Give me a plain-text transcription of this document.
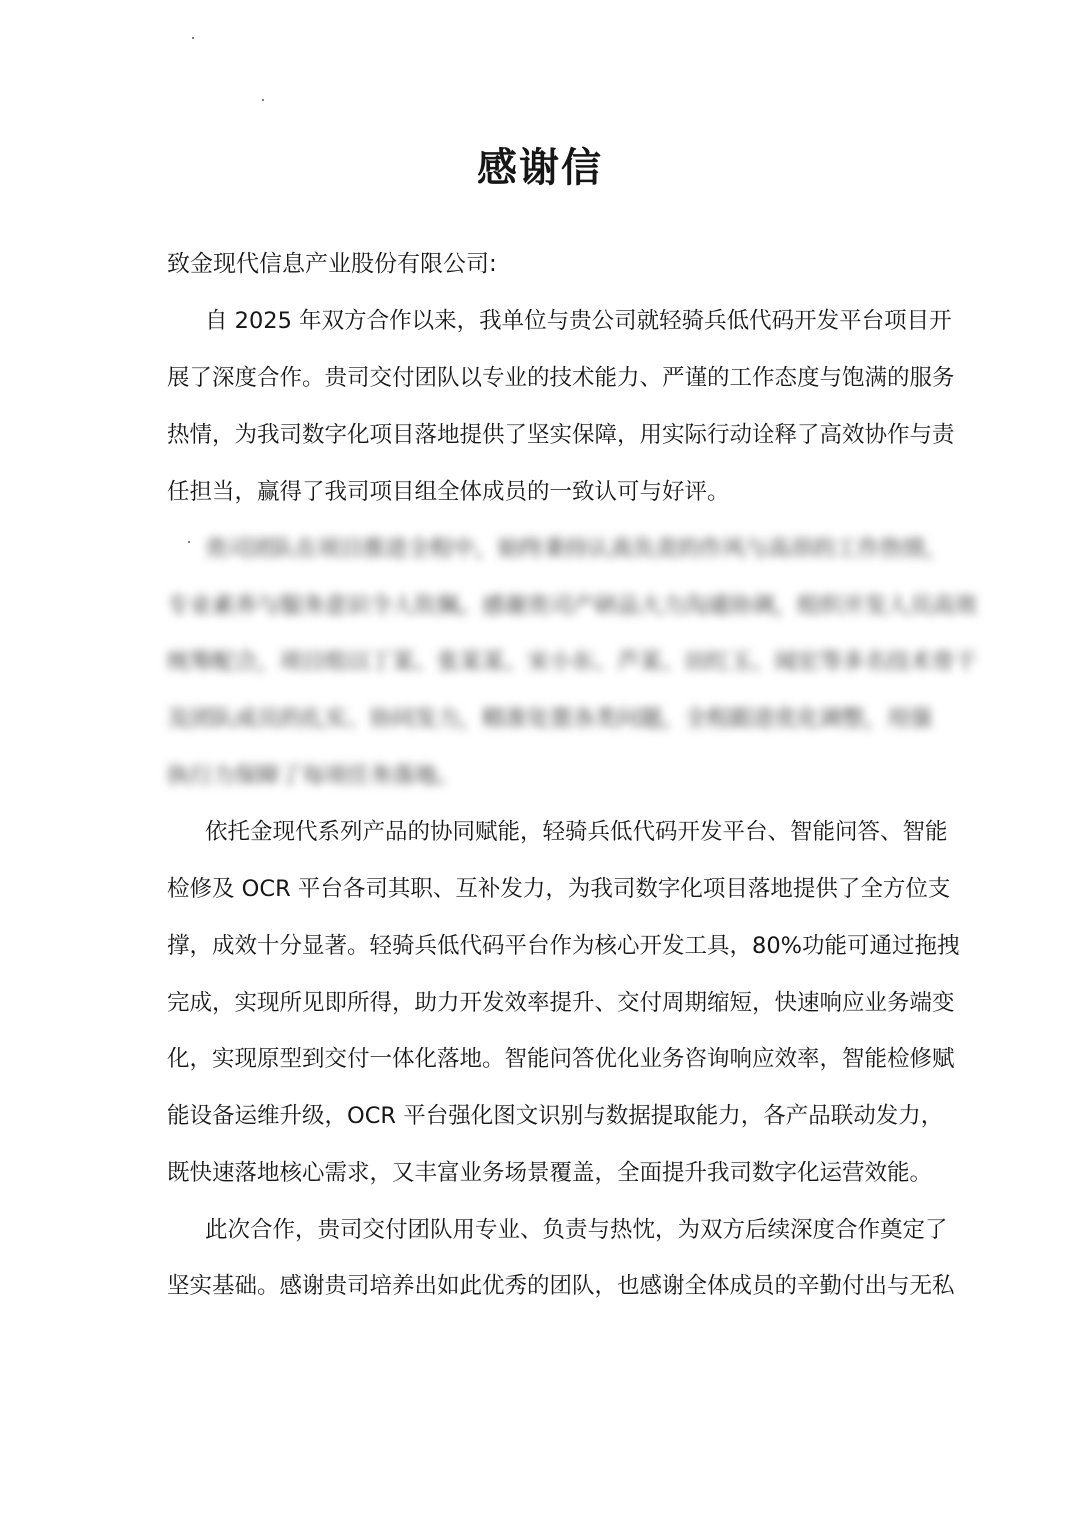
感谢信
致金现代信息产业股份有限公司:
自 2025 年双方合作以来，我单位与贵公司就轻骑兵低代码开发平台项目开
展了深度合作。贵司交付团队以专业的技术能力、严谨的工作态度与饱满的服务
热情，为我司数字化项目落地提供了坚实保障，用实际行动诠释了高效协作与责
任担当，赢得了我司项目组全体成员的一致认可与好评。
贵司团队在项目推进全程中，始终秉持认真负责的作风与高昂的工作热情，
专业素养与服务意识令人钦佩。感谢贵司产研品大力沟通协调，组织开发人员高效
统筹配合，项目组以丁某、张某某、宋小东、芦某、田红玉、闻宏等多名技术骨干
及团队成员的扎实、协同发力，精准处置各类问题，全程跟进优化调整，用强
执行力保障了每项任务落地。
依托金现代系列产品的协同赋能，轻骑兵低代码开发平台、智能问答、智能
检修及 OCR 平台各司其职、互补发力，为我司数字化项目落地提供了全方位支
撑，成效十分显著。轻骑兵低代码平台作为核心开发工具，80%功能可通过拖拽
完成，实现所见即所得，助力开发效率提升、交付周期缩短，快速响应业务端变
化，实现原型到交付一体化落地。智能问答优化业务咨询响应效率，智能检修赋
能设备运维升级，OCR 平台强化图文识别与数据提取能力，各产品联动发力，
既快速落地核心需求，又丰富业务场景覆盖，全面提升我司数字化运营效能。
此次合作，贵司交付团队用专业、负责与热忱，为双方后续深度合作奠定了
坚实基础。感谢贵司培养出如此优秀的团队，也感谢全体成员的辛勤付出与无私
